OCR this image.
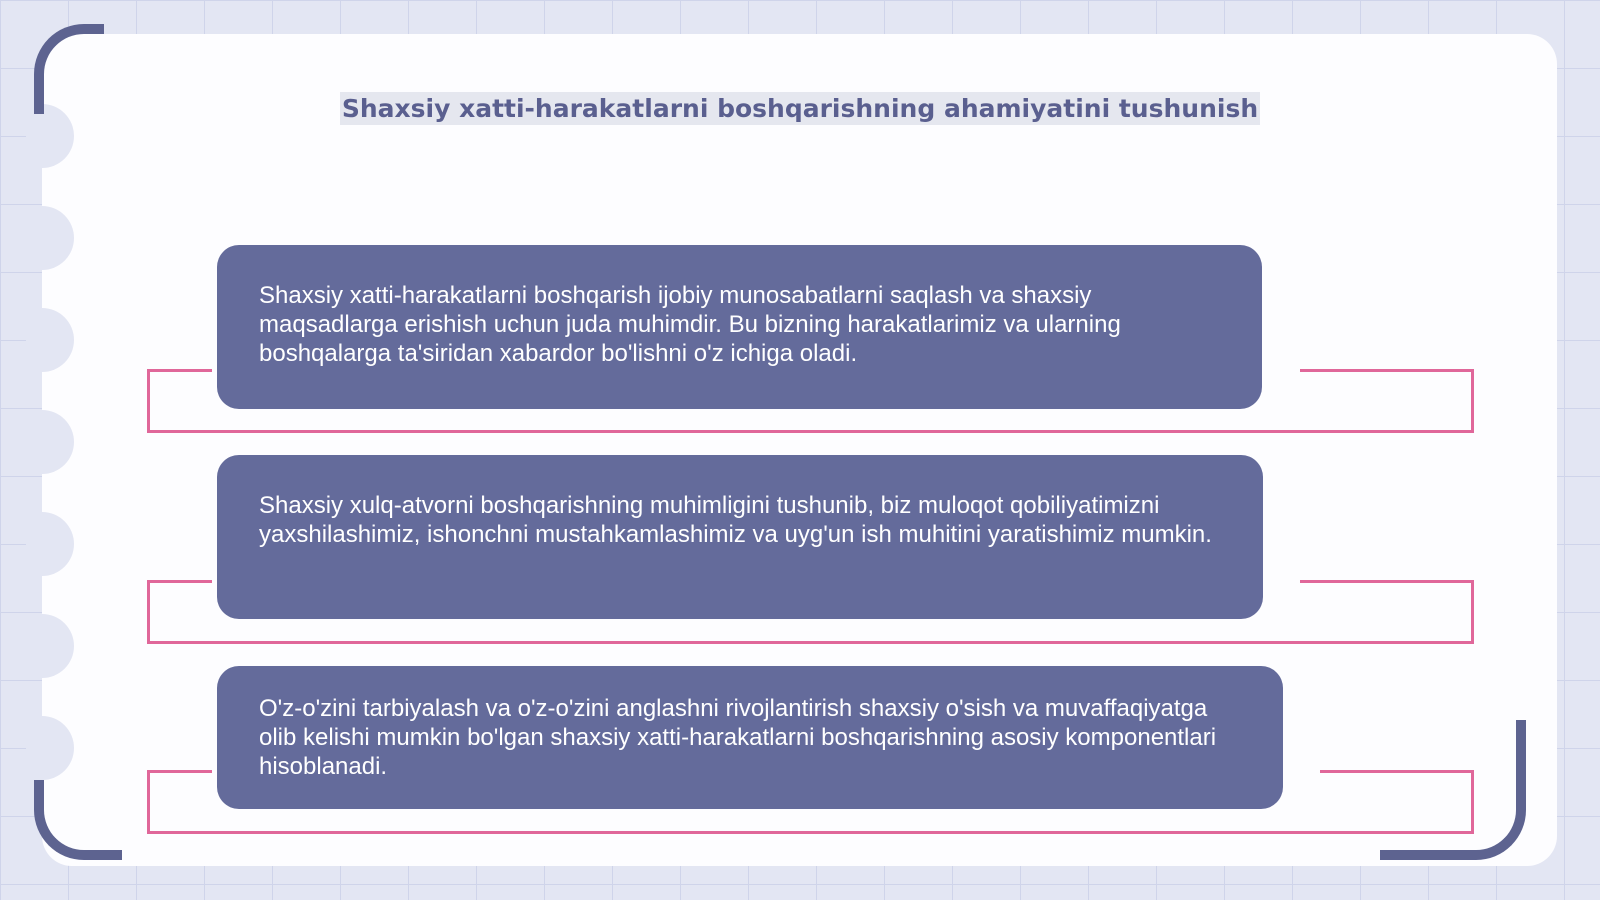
Shaxsiy xatti-harakatlarni boshqarishning ahamiyatini tushunish
Shaxsiy xatti-harakatlarni boshqarish ijobiy munosabatlarni saqlash va shaxsiy maqsadlarga erishish uchun juda muhimdir. Bu bizning harakatlarimiz va ularning boshqalarga ta'siridan xabardor bo'lishni o'z ichiga oladi.
Shaxsiy xulq-atvorni boshqarishning muhimligini tushunib, biz muloqot qobiliyatimizni yaxshilashimiz, ishonchni mustahkamlashimiz va uyg'un ish muhitini yaratishimiz mumkin.
O'z-o'zini tarbiyalash va o'z-o'zini anglashni rivojlantirish shaxsiy o'sish va muvaffaqiyatga olib kelishi mumkin bo'lgan shaxsiy xatti-harakatlarni boshqarishning asosiy komponentlari hisoblanadi.
